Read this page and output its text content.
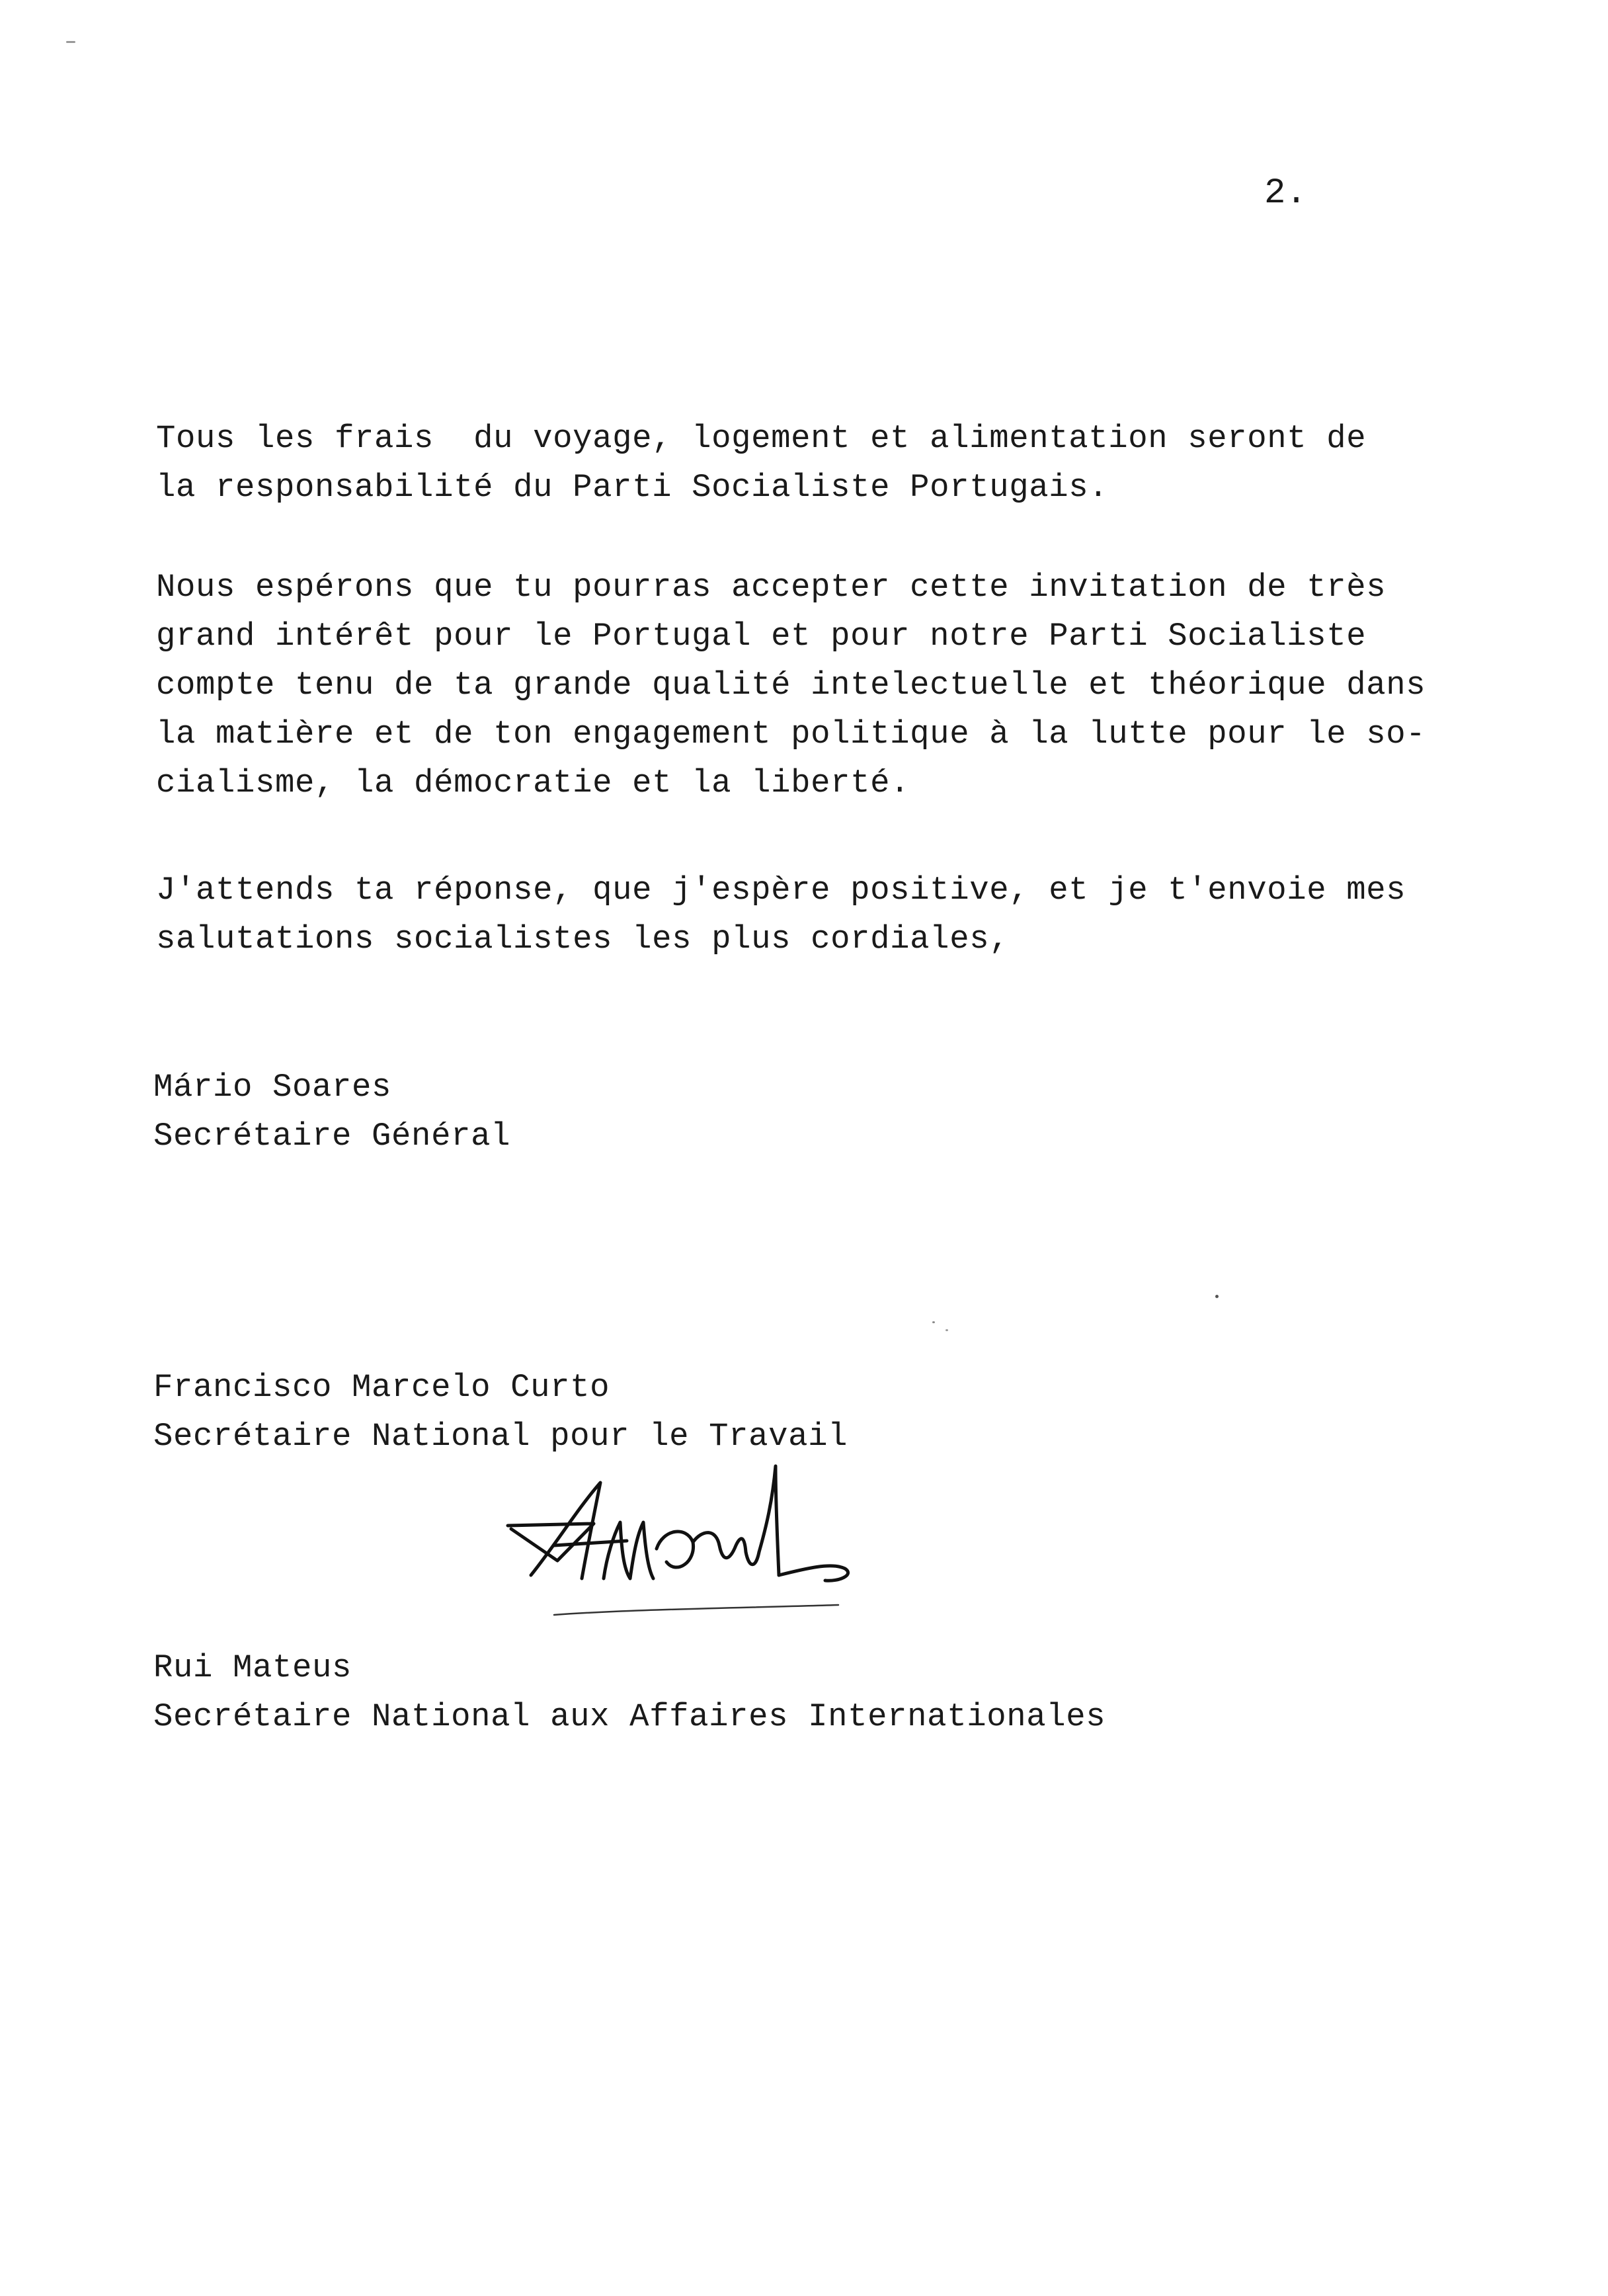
2.
Tous les frais  du voyage, logement et alimentation seront de
la responsabilité du Parti Socialiste Portugais.
Nous espérons que tu pourras accepter cette invitation de très
grand intérêt pour le Portugal et pour notre Parti Socialiste
compte tenu de ta grande qualité intelectuelle et théorique dans
la matière et de ton engagement politique à la lutte pour le so-
cialisme, la démocratie et la liberté.
J'attends ta réponse, que j'espère positive, et je t'envoie mes
salutations socialistes les plus cordiales,
Mário Soares
Secrétaire Général
Francisco Marcelo Curto
Secrétaire National pour le Travail
Rui Mateus
Secrétaire National aux Affaires Internationales
